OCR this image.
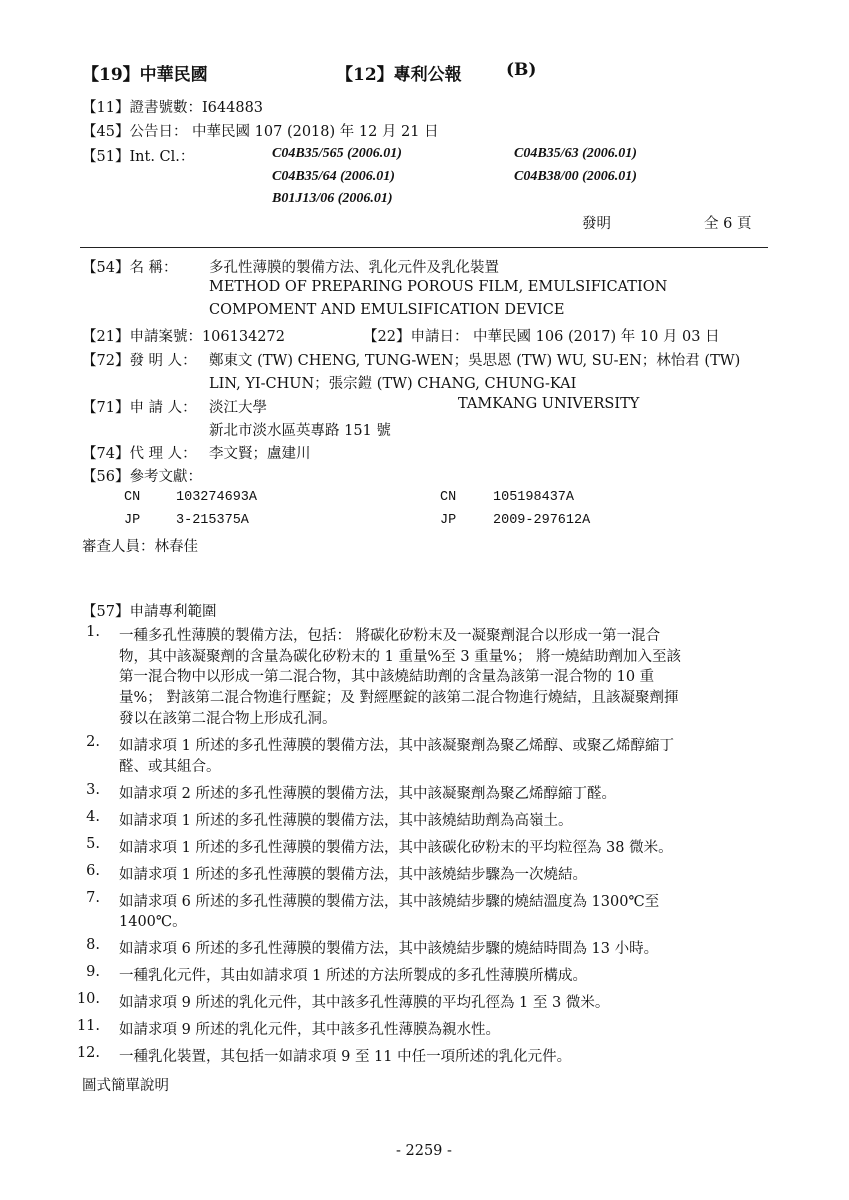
【19】中華民國	【12】專利公報	(B)
【11】證書號數：I644883
【45】公告日： 中華民國 107 (2018) 年 12 月 21 日
【51】Int. Cl.：	C04B35/565 (2006.01)	C04B35/63 (2006.01)
C04B35/64 (2006.01)	C04B38/00 (2006.01)
B01J13/06 (2006.01)
發明	全 6 頁
【54】名 稱： 多孔性薄膜的製備方法、乳化元件及乳化裝置
METHOD OF PREPARING POROUS FILM, EMULSIFICATION
COMPOMENT AND EMULSIFICATION DEVICE
【21】申請案號：106134272	【22】申請日： 中華民國 106 (2017) 年 10 月 03 日
【72】發 明 人： 鄭東文 (TW) CHENG, TUNG-WEN；吳思恩 (TW) WU, SU-EN；林怡君 (TW)
LIN, YI-CHUN；張宗鎧 (TW) CHANG, CHUNG-KAI
【71】申 請 人： 淡江大學	TAMKANG UNIVERSITY
新北市淡水區英專路 151 號
【74】代 理 人： 李文賢；盧建川
【56】參考文獻：
CN	103274693A	CN	105198437A
JP	3-215375A	JP	2009-297612A
審查人員：林春佳
【57】申請專利範圍
1. 一種多孔性薄膜的製備方法，包括： 將碳化矽粉末及一凝聚劑混合以形成一第一混合
物，其中該凝聚劑的含量為碳化矽粉末的 1 重量%至 3 重量%； 將一燒結助劑加入至該
第一混合物中以形成一第二混合物，其中該燒結助劑的含量為該第一混合物的 10 重
量%； 對該第二混合物進行壓錠；及 對經壓錠的該第二混合物進行燒結，且該凝聚劑揮
發以在該第二混合物上形成孔洞。
2. 如請求項 1 所述的多孔性薄膜的製備方法，其中該凝聚劑為聚乙烯醇、或聚乙烯醇縮丁
醛、或其組合。
3. 如請求項 2 所述的多孔性薄膜的製備方法，其中該凝聚劑為聚乙烯醇縮丁醛。
4. 如請求項 1 所述的多孔性薄膜的製備方法，其中該燒結助劑為高嶺土。
5. 如請求項 1 所述的多孔性薄膜的製備方法，其中該碳化矽粉末的平均粒徑為 38 微米。
6. 如請求項 1 所述的多孔性薄膜的製備方法，其中該燒結步驟為一次燒結。
7. 如請求項 6 所述的多孔性薄膜的製備方法，其中該燒結步驟的燒結溫度為 1300℃至
1400℃。
8. 如請求項 6 所述的多孔性薄膜的製備方法，其中該燒結步驟的燒結時間為 13 小時。
9. 一種乳化元件，其由如請求項 1 所述的方法所製成的多孔性薄膜所構成。
10. 如請求項 9 所述的乳化元件，其中該多孔性薄膜的平均孔徑為 1 至 3 微米。
11. 如請求項 9 所述的乳化元件，其中該多孔性薄膜為親水性。
12. 一種乳化裝置，其包括一如請求項 9 至 11 中任一項所述的乳化元件。
圖式簡單說明
- 2259 -
